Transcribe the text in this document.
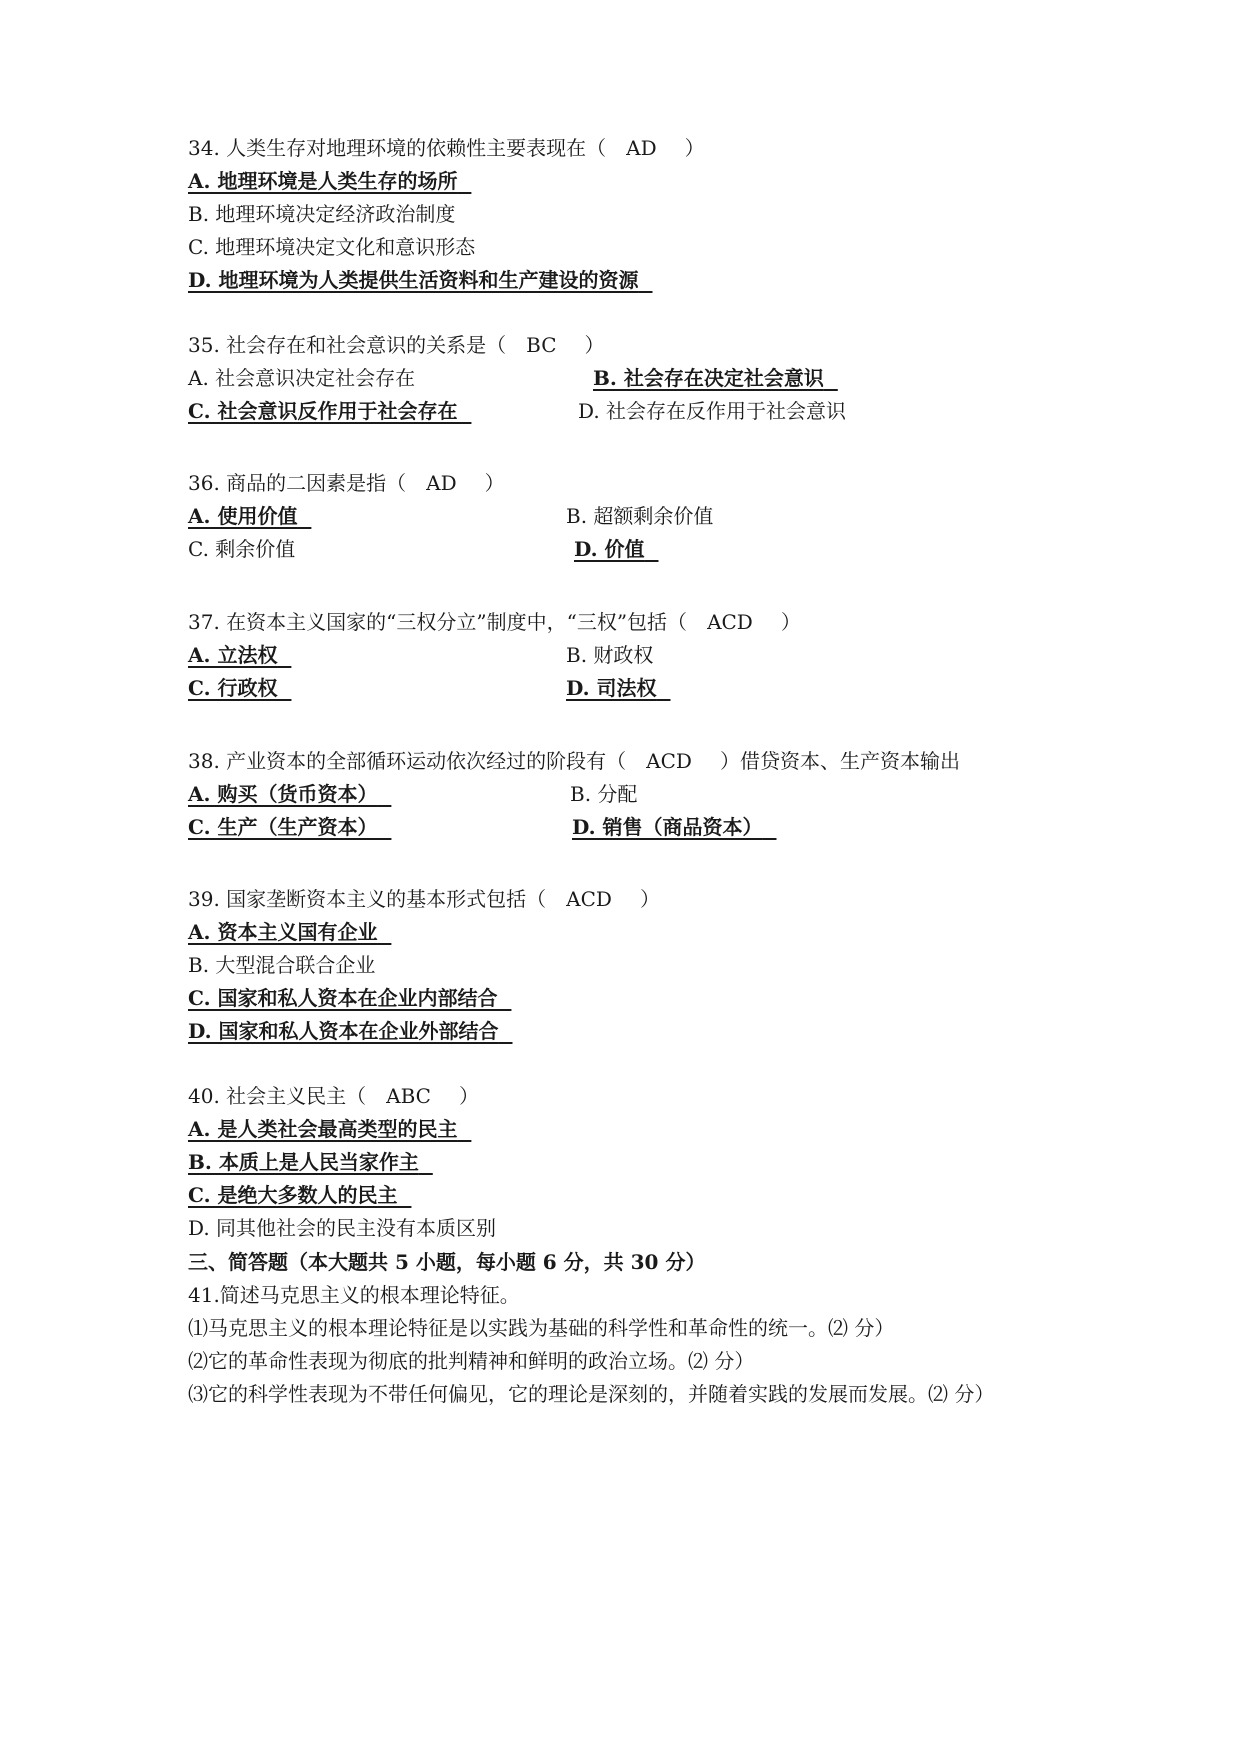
34. 人类生存对地理环境的依赖性主要表现在（ AD ）
A. 地理环境是人类生存的场所
B. 地理环境决定经济政治制度
C. 地理环境决定文化和意识形态
D. 地理环境为人类提供生活资料和生产建设的资源
35. 社会存在和社会意识的关系是（ BC ）
A. 社会意识决定社会存在	B. 社会存在决定社会意识
C. 社会意识反作用于社会存在	D. 社会存在反作用于社会意识
36. 商品的二因素是指（ AD ）
A. 使用价值	B. 超额剩余价值
C. 剩余价值	D. 价值
37. 在资本主义国家的“三权分立”制度中，“三权”包括（ ACD ）
A. 立法权	B. 财政权
C. 行政权	D. 司法权
38. 产业资本的全部循环运动依次经过的阶段有（ ACD ）借贷资本、生产资本输出
A. 购买（货币资本）	B. 分配
C. 生产（生产资本）	D. 销售（商品资本）
39. 国家垄断资本主义的基本形式包括（ ACD ）
A. 资本主义国有企业
B. 大型混合联合企业
C. 国家和私人资本在企业内部结合
D. 国家和私人资本在企业外部结合
40. 社会主义民主（ ABC ）
A. 是人类社会最高类型的民主
B. 本质上是人民当家作主
C. 是绝大多数人的民主
D. 同其他社会的民主没有本质区别
三、简答题（本大题共 5 小题，每小题 6 分，共 30 分）
41.简述马克思主义的根本理论特征。
⑴马克思主义的根本理论特征是以实践为基础的科学性和革命性的统一。⑵ 分）
⑵它的革命性表现为彻底的批判精神和鲜明的政治立场。⑵ 分）
⑶它的科学性表现为不带任何偏见，它的理论是深刻的，并随着实践的发展而发展。⑵ 分）
